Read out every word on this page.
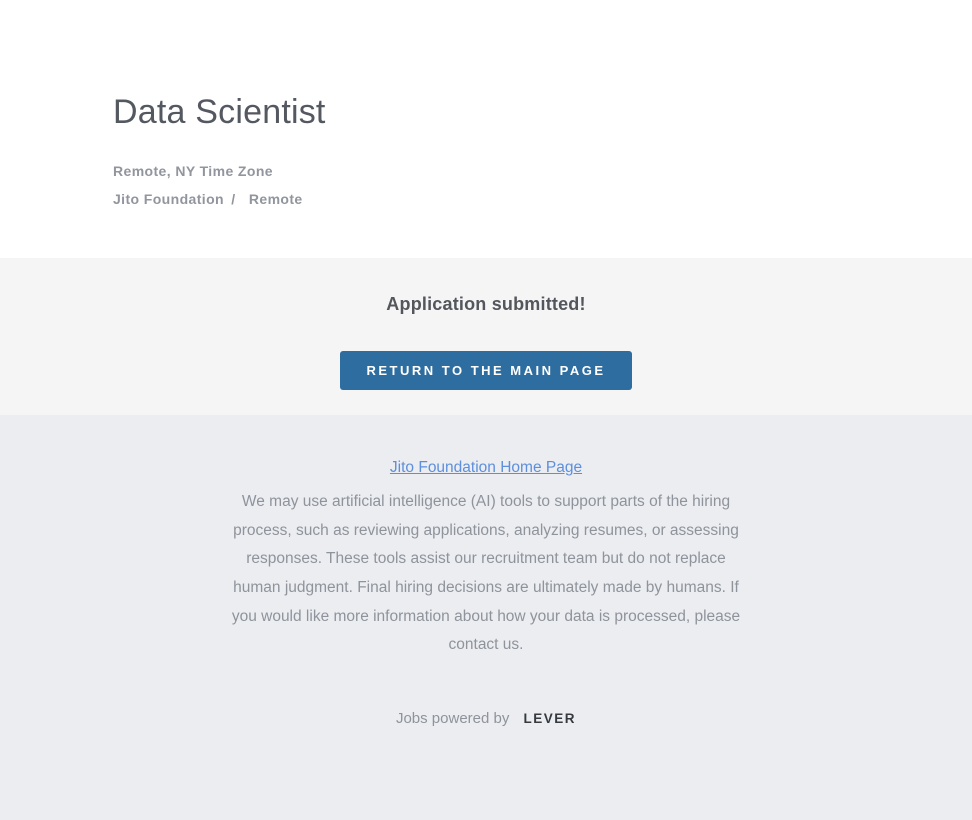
Data Scientist
Remote, NY Time Zone
Jito Foundation / Remote
Application submitted!
RETURN TO THE MAIN PAGE
Jito Foundation Home Page

We may use artificial intelligence (AI) tools to support parts of the hiring process, such as reviewing applications, analyzing resumes, or assessing responses. These tools assist our recruitment team but do not replace human judgment. Final hiring decisions are ultimately made by humans. If you would like more information about how your data is processed, please contact us.

Jobs powered by LEVER
